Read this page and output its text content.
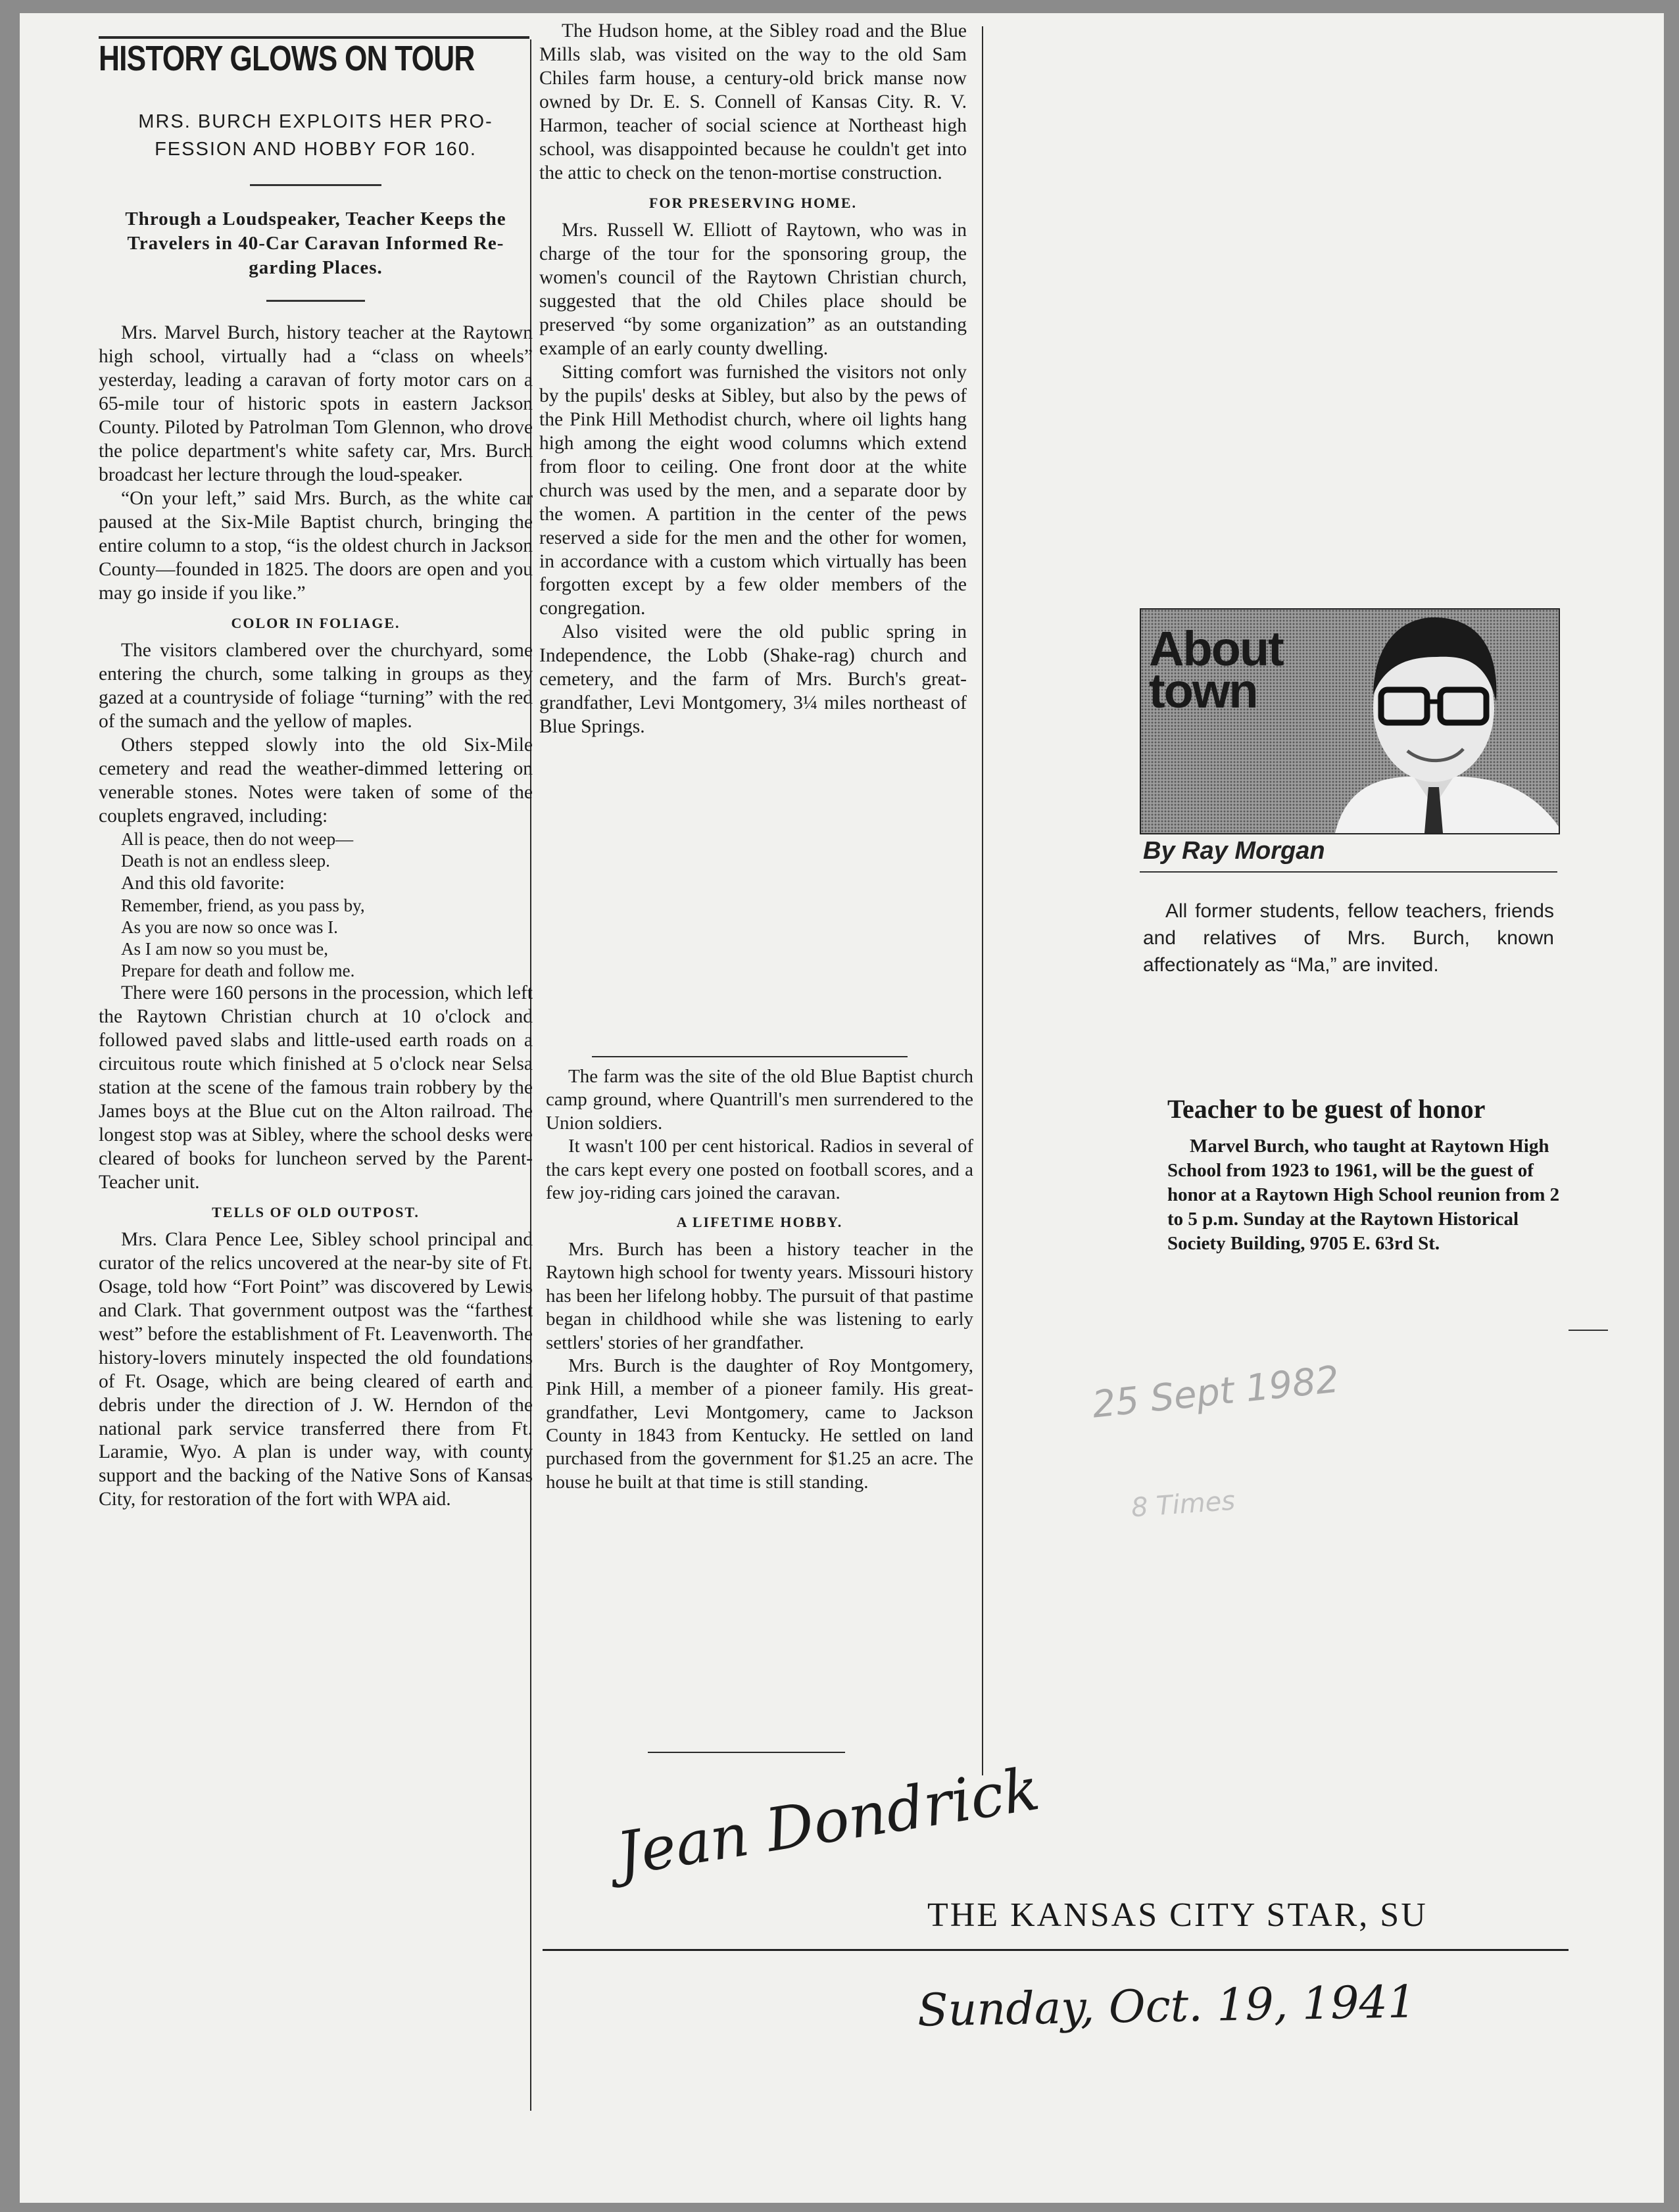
HISTORY GLOWS ON TOUR
MRS. BURCH EXPLOITS HER PRO- FESSION AND HOBBY FOR 160.
Through a Loudspeaker, Teacher Keeps the Travelers in 40-Car Caravan Informed Re- garding Places.

Mrs. Marvel Burch, history teacher at the Raytown high school, virtually had a “class on wheels” yesterday, leading a caravan of forty motor cars on a 65-mile tour of historic spots in eastern Jackson County. Piloted by Patrolman Tom Glennon, who drove the police department's white safety car, Mrs. Burch broadcast her lecture through the loud-speaker.

“On your left,” said Mrs. Burch, as the white car paused at the Six-Mile Baptist church, bringing the entire column to a stop, “is the oldest church in Jackson County—founded in 1825. The doors are open and you may go inside if you like.”

COLOR IN FOLIAGE.

The visitors clambered over the churchyard, some entering the church, some talking in groups as they gazed at a countryside of foliage “turning” with the red of the sumach and the yellow of maples.

Others stepped slowly into the old Six-Mile cemetery and read the weather-dimmed lettering on venerable stones. Notes were taken of some of the couplets engraved, including:

All is peace, then do not weep—
Death is not an endless sleep.
And this old favorite:
Remember, friend, as you pass by,
As you are now so once was I.
As I am now so you must be,
Prepare for death and follow me.

There were 160 persons in the procession, which left the Raytown Christian church at 10 o'clock and followed paved slabs and little-used earth roads on a circuitous route which finished at 5 o'clock near Selsa station at the scene of the famous train robbery by the James boys at the Blue cut on the Alton railroad. The longest stop was at Sibley, where the school desks were cleared of books for luncheon served by the Parent-Teacher unit.

TELLS OF OLD OUTPOST.

Mrs. Clara Pence Lee, Sibley school principal and curator of the relics uncovered at the near-by site of Ft. Osage, told how “Fort Point” was discovered by Lewis and Clark. That government outpost was the “farthest west” before the establishment of Ft. Leavenworth. The history-lovers minutely inspected the old foundations of Ft. Osage, which are being cleared of earth and debris under the direction of J. W. Herndon of the national park service transferred there from Ft. Laramie, Wyo. A plan is under way, with county support and the backing of the Native Sons of Kansas City, for restoration of the fort with WPA aid.

The Hudson home, at the Sibley road and the Blue Mills slab, was visited on the way to the old Sam Chiles farm house, a century-old brick manse now owned by Dr. E. S. Connell of Kansas City. R. V. Harmon, teacher of social science at Northeast high school, was disappointed because he couldn't get into the attic to check on the tenon-mortise construction.

FOR PRESERVING HOME.

Mrs. Russell W. Elliott of Raytown, who was in charge of the tour for the sponsoring group, the women's council of the Raytown Christian church, suggested that the old Chiles place should be preserved “by some organization” as an outstanding example of an early county dwelling.

Sitting comfort was furnished the visitors not only by the pupils' desks at Sibley, but also by the pews of the Pink Hill Methodist church, where oil lights hang high among the eight wood columns which extend from floor to ceiling. One front door at the white church was used by the men, and a separate door by the women. A partition in the center of the pews reserved a side for the men and the other for women, in accordance with a custom which virtually has been forgotten except by a few older members of the congregation.

Also visited were the old public spring in Independence, the Lobb (Shake-rag) church and cemetery, and the farm of Mrs. Burch's great-grandfather, Levi Montgomery, 3¼ miles northeast of Blue Springs.

The farm was the site of the old Blue Baptist church camp ground, where Quantrill's men surrendered to the Union soldiers.

It wasn't 100 per cent historical. Radios in several of the cars kept every one posted on football scores, and a few joy-riding cars joined the caravan.

A LIFETIME HOBBY.

Mrs. Burch has been a history teacher in the Raytown high school for twenty years. Missouri history has been her lifelong hobby. The pursuit of that pastime began in childhood while she was listening to early settlers' stories of her grandfather.

Mrs. Burch is the daughter of Roy Montgomery, Pink Hill, a member of a pioneer family. His great-grandfather, Levi Montgomery, came to Jackson County in 1843 from Kentucky. He settled on land purchased from the government for $1.25 an acre. The house he built at that time is still standing.

About
town
By Ray Morgan

All former students, fellow teachers, friends and relatives of Mrs. Burch, known affectionately as “Ma,” are invited.

Teacher to be guest of honor

Marvel Burch, who taught at Raytown High School from 1923 to 1961, will be the guest of honor at a Raytown High School reunion from 2 to 5 p.m. Sunday at the Raytown Historical Society Building, 9705 E. 63rd St.

25 Sept 1982
8 Times
Jean Dondrick
THE KANSAS CITY STAR, SU
Sunday, Oct. 19, 1941
